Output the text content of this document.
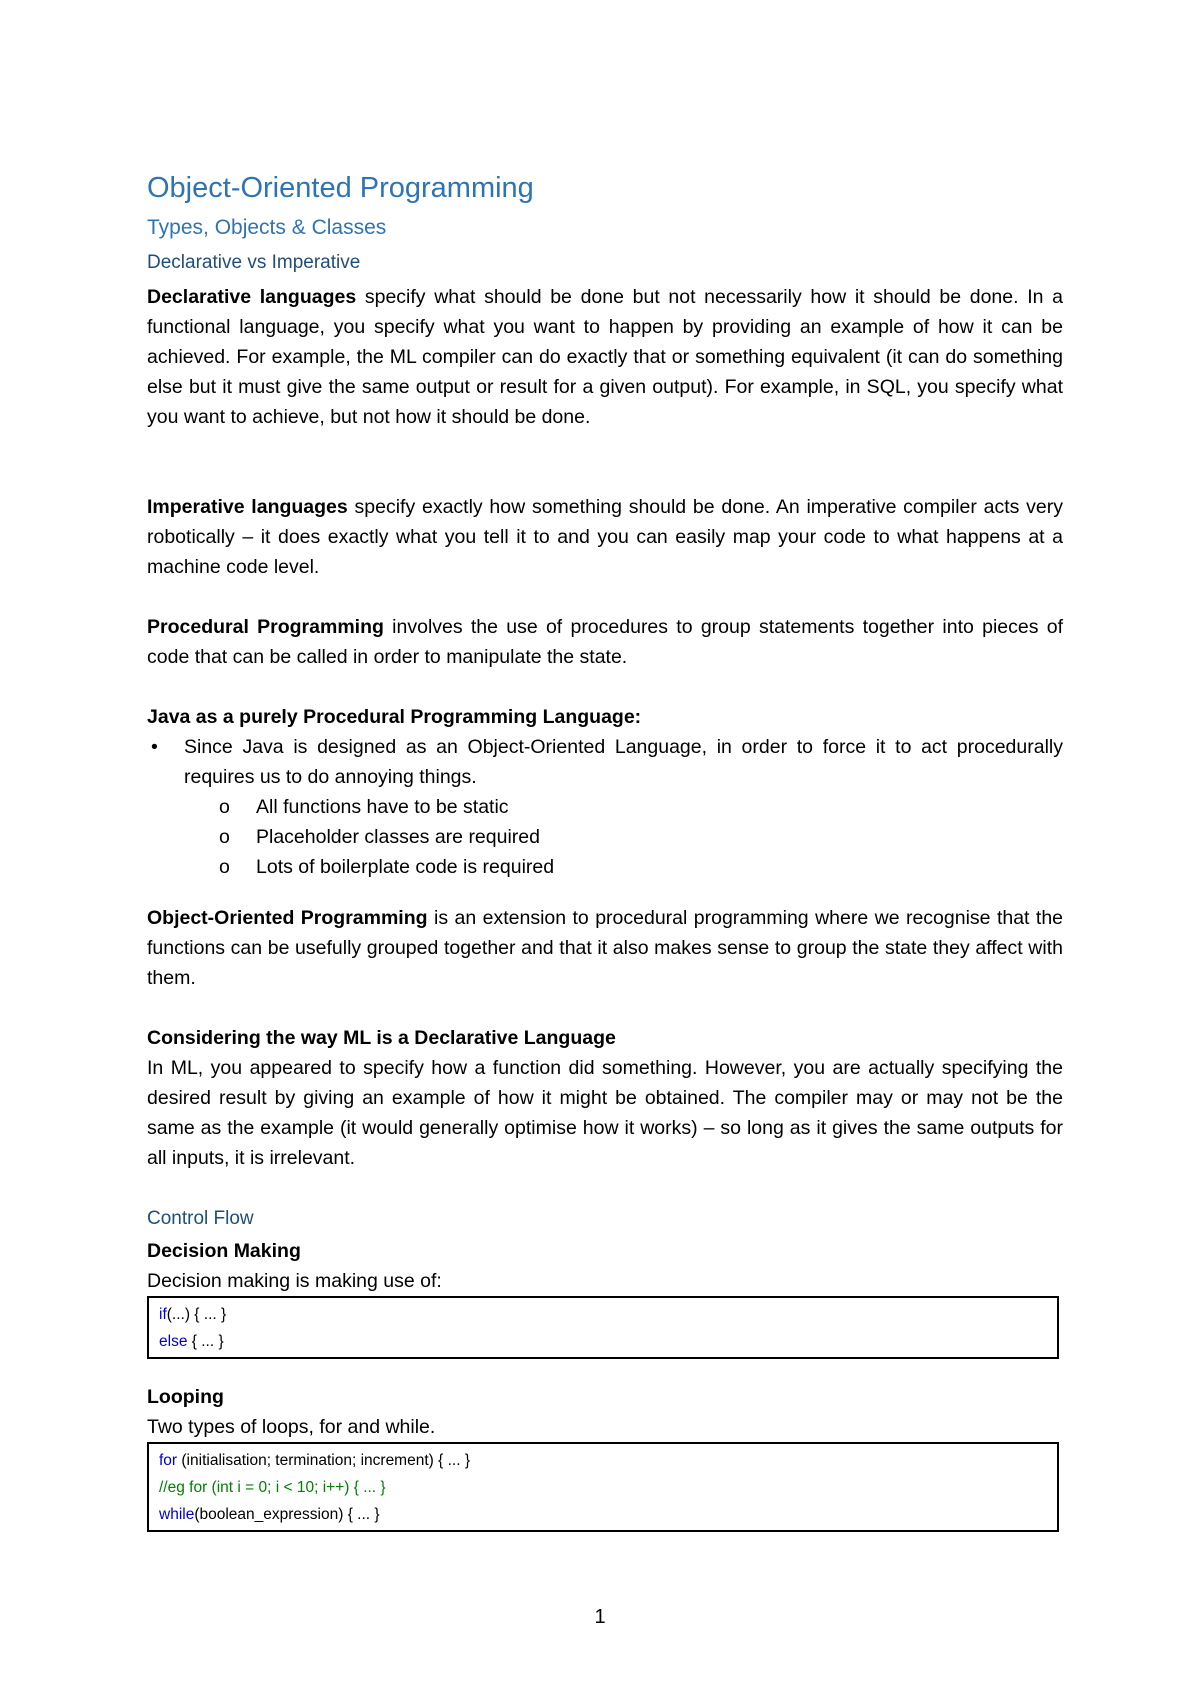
Object-Oriented Programming
Types, Objects & Classes
Declarative vs Imperative

Declarative languages specify what should be done but not necessarily how it should be done. In a functional language, you specify what you want to happen by providing an example of how it can be achieved. For example, the ML compiler can do exactly that or something equivalent (it can do something else but it must give the same output or result for a given output). For example, in SQL, you specify what you want to achieve, but not how it should be done.

Imperative languages specify exactly how something should be done. An imperative compiler acts very robotically – it does exactly what you tell it to and you can easily map your code to what happens at a machine code level.

Procedural Programming involves the use of procedures to group statements together into pieces of code that can be called in order to manipulate the state.

Java as a purely Procedural Programming Language:

• Since Java is designed as an Object-Oriented Language, in order to force it to act procedurally requires us to do annoying things.
o All functions have to be static
o Placeholder classes are required
o Lots of boilerplate code is required

Object-Oriented Programming is an extension to procedural programming where we recognise that the functions can be usefully grouped together and that it also makes sense to group the state they affect with them.

Considering the way ML is a Declarative Language

In ML, you appeared to specify how a function did something. However, you are actually specifying the desired result by giving an example of how it might be obtained. The compiler may or may not be the same as the example (it would generally optimise how it works) – so long as it gives the same outputs for all inputs, it is irrelevant.

Control Flow

Decision Making

Decision making is making use of:

if(...) { ... }
else { ... }

Looping

Two types of loops, for and while.

for (initialisation; termination; increment) { ... }
//eg for (int i = 0; i < 10; i++) { ... }
while(boolean_expression) { ... }
1
